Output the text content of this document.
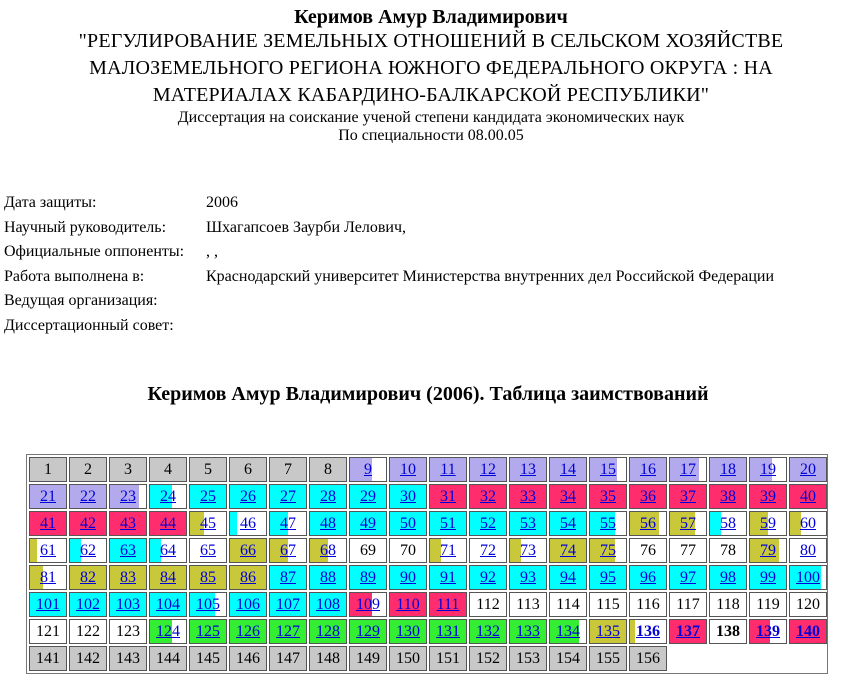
Керимов Амур Владимирович
"РЕГУЛИРОВАНИЕ ЗЕМЕЛЬНЫХ ОТНОШЕНИЙ В СЕЛЬСКОМ ХОЗЯЙСТВЕ
МАЛОЗЕМЕЛЬНОГО РЕГИОНА ЮЖНОГО ФЕДЕРАЛЬНОГО ОКРУГА : НА
МАТЕРИАЛАХ КАБАРДИНО-БАЛКАРСКОЙ РЕСПУБЛИКИ"
Диссертация на соискание ученой степени кандидата экономических наук
По специальности 08.00.05
Дата защиты:	2006
Научный руководитель:	Шхагапсоев Заурби Лелович,
Официальные оппоненты:	, ,
Работа выполнена в:	Краснодарский университет Министерства внутренних дел Российской Федерации
Ведущая организация:
Диссертационный совет:
Керимов Амур Владимирович (2006). Таблица заимствований
1	2	3	4	5	6	7	8	9	10	11	12	13	14	15	16	17	18	19	20
21	22	23	24	25	26	27	28	29	30	31	32	33	34	35	36	37	38	39	40
41	42	43	44	45	46	47	48	49	50	51	52	53	54	55	56	57	58	59	60
61	62	63	64	65	66	67	68	69	70	71	72	73	74	75	76	77	78	79	80
81	82	83	84	85	86	87	88	89	90	91	92	93	94	95	96	97	98	99	100
101	102	103	104	105	106	107	108	109	110	111	112	113	114	115	116	117	118	119	120
121	122	123	124	125	126	127	128	129	130	131	132	133	134	135	136	137	138	139	140
141	142	143	144	145	146	147	148	149	150	151	152	153	154	155	156
